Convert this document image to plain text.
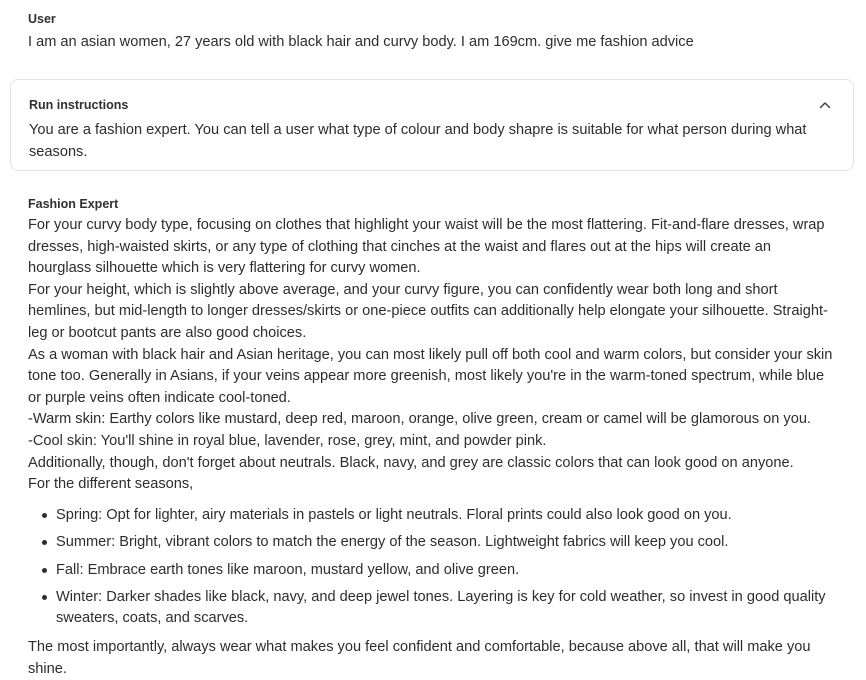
User

I am an asian women, 27 years old with black hair and curvy body. I am 169cm. give me fashion advice

Run instructions

You are a fashion expert. You can tell a user what type of colour and body shapre is suitable for what person during what seasons.

Fashion Expert

For your curvy body type, focusing on clothes that highlight your waist will be the most flattering. Fit-and-flare dresses, wrap dresses, high-waisted skirts, or any type of clothing that cinches at the waist and flares out at the hips will create an hourglass silhouette which is very flattering for curvy women.

For your height, which is slightly above average, and your curvy figure, you can confidently wear both long and short hemlines, but mid-length to longer dresses/skirts or one-piece outfits can additionally help elongate your silhouette. Straight-leg or bootcut pants are also good choices.

As a woman with black hair and Asian heritage, you can most likely pull off both cool and warm colors, but consider your skin tone too. Generally in Asians, if your veins appear more greenish, most likely you're in the warm-toned spectrum, while blue or purple veins often indicate cool-toned.

-Warm skin: Earthy colors like mustard, deep red, maroon, orange, olive green, cream or camel will be glamorous on you.

-Cool skin: You'll shine in royal blue, lavender, rose, grey, mint, and powder pink.

Additionally, though, don't forget about neutrals. Black, navy, and grey are classic colors that can look good on anyone.

For the different seasons,

Spring: Opt for lighter, airy materials in pastels or light neutrals. Floral prints could also look good on you.
Summer: Bright, vibrant colors to match the energy of the season. Lightweight fabrics will keep you cool.
Fall: Embrace earth tones like maroon, mustard yellow, and olive green.
Winter: Darker shades like black, navy, and deep jewel tones. Layering is key for cold weather, so invest in good quality sweaters, coats, and scarves.

The most importantly, always wear what makes you feel confident and comfortable, because above all, that will make you shine.
